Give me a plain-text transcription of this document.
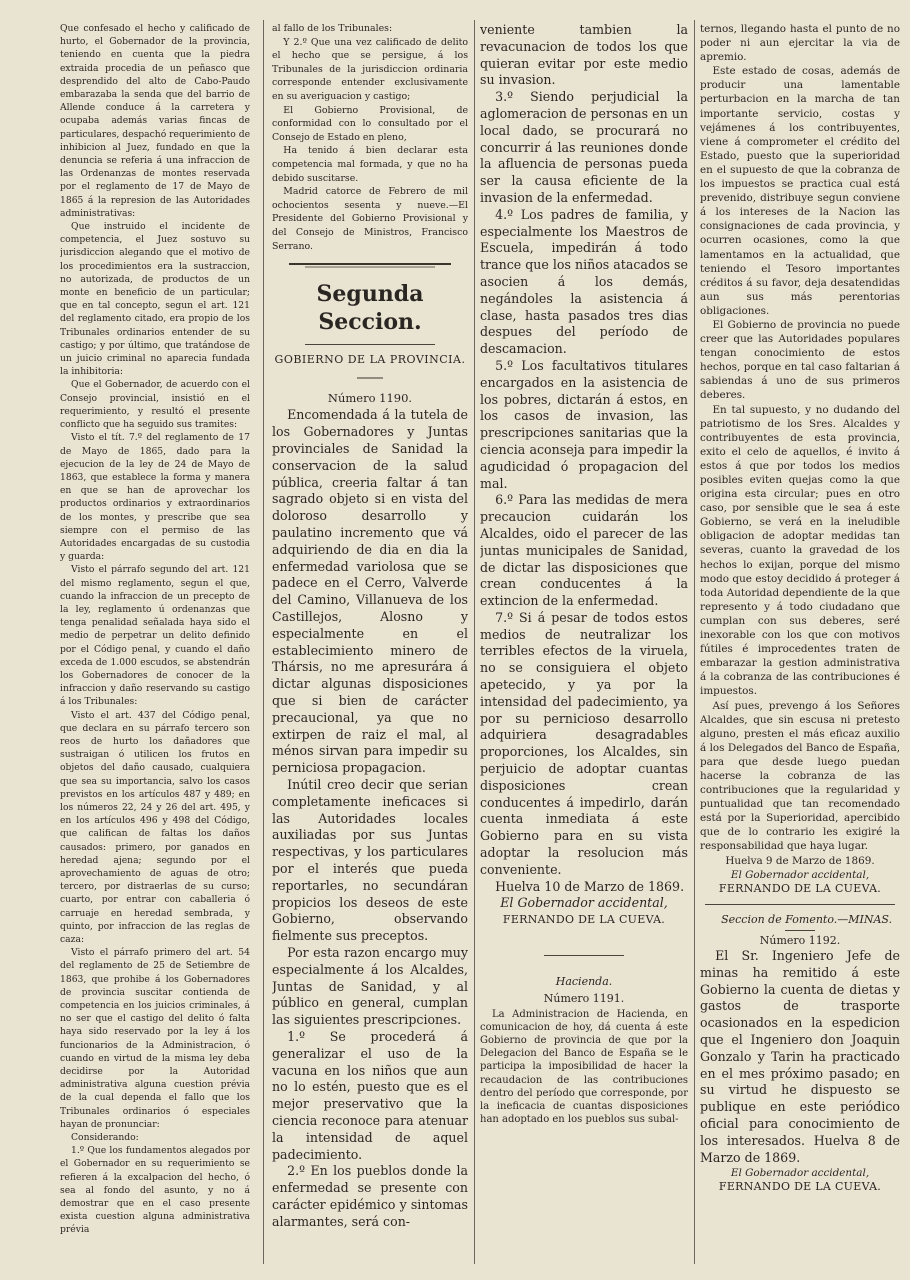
Que confesado el hecho y calificado de hurto, el Gobernador de la provincia, teniendo en cuenta que la piedra extraida procedia de un peñasco que desprendido del alto de Cabo-Paudo embarazaba la senda que del barrio de Allende conduce á la carretera y ocupaba además varias fincas de particulares, despachó requerimiento de inhibicion al Juez, fundado en que la denuncia se referia á una infraccion de las Ordenanzas de montes reservada por el reglamento de 17 de Mayo de 1865 á la represion de las Autoridades administrativas:

Que instruido el incidente de competencia, el Juez sostuvo su jurisdiccion alegando que el motivo de los procedimientos era la sustraccion, no autorizada, de productos de un monte en beneficio de un particular; que en tal concepto, segun el art. 121 del reglamento citado, era propio de los Tribunales ordinarios entender de su castigo; y por último, que tratándose de un juicio criminal no aparecia fundada la inhibitoria:

Que el Gobernador, de acuerdo con el Consejo provincial, insistió en el requerimiento, y resultó el presente conflicto que ha seguido sus tramites:

Visto el tít. 7.º del reglamento de 17 de Mayo de 1865, dado para la ejecucion de la ley de 24 de Mayo de 1863, que establece la forma y manera en que se han de aprovechar los productos ordinarios y extraordinarios de los montes, y prescribe que sea siempre con el permiso de las Autoridades encargadas de su custodia y guarda:

Visto el párrafo segundo del art. 121 del mismo reglamento, segun el que, cuando la infraccion de un precepto de la ley, reglamento ú ordenanzas que tenga penalidad señalada haya sido el medio de perpetrar un delito definido por el Código penal, y cuando el daño exceda de 1.000 escudos, se abstendrán los Gobernadores de conocer de la infraccion y daño reservando su castigo á los Tribunales:

Visto el art. 437 del Código penal, que declara en su párrafo tercero son reos de hurto los dañadores que sustraigan ó utilicen los frutos en objetos del daño causado, cualquiera que sea su importancia, salvo los casos previstos en los artículos 487 y 489; en los números 22, 24 y 26 del art. 495, y en los artículos 496 y 498 del Código, que califican de faltas los daños causados: primero, por ganados en heredad ajena; segundo por el aprovechamiento de aguas de otro; tercero, por distraerlas de su curso; cuarto, por entrar con caballeria ó carruaje en heredad sembrada, y quinto, por infraccion de las reglas de caza:

Visto el párrafo primero del art. 54 del reglamento de 25 de Setiembre de 1863, que prohibe á los Gobernadores de provincia suscitar contienda de competencia en los juicios criminales, á no ser que el castigo del delito ó falta haya sido reservado por la ley á los funcionarios de la Administracion, ó cuando en virtud de la misma ley deba decidirse por la Autoridad administrativa alguna cuestion prévia de la cual dependa el fallo que los Tribunales ordinarios ó especiales hayan de pronunciar:

Considerando:

1.º Que los fundamentos alegados por el Gobernador en su requerimiento se refieren á la excalpacion del hecho, ó sea al fondo del asunto, y no á demostrar que en el caso presente exista cuestion alguna administrativa prévia

al fallo de los Tribunales:

Y 2.º Que una vez calificado de delito el hecho que se persigue, á los Tribunales de la jurisdiccion ordinaria corresponde entender exclusivamente en su averiguacion y castigo;

El Gobierno Provisional, de conformidad con lo consultado por el Consejo de Estado en pleno,

Ha tenido á bien declarar esta competencia mal formada, y que no ha debido suscitarse.

Madrid catorce de Febrero de mil ochocientos sesenta y nueve.—El Presidente del Gobierno Provisional y del Consejo de Ministros, Francisco Serrano.

Segunda Seccion.
GOBIERNO DE LA PROVINCIA.
Número 1190.

Encomendada á la tutela de los Gobernadores y Juntas provinciales de Sanidad la conservacion de la salud pública, creeria faltar á tan sagrado objeto si en vista del doloroso desarrollo y paulatino incremento que vá adquiriendo de dia en dia la enfermedad variolosa que se padece en el Cerro, Valverde del Camino, Villanueva de los Castillejos, Alosno y especialmente en el establecimiento minero de Thársis, no me apresurára á dictar algunas disposiciones que si bien de carácter precaucional, ya que no extirpen de raiz el mal, al ménos sirvan para impedir su perniciosa propagacion.

Inútil creo decir que serian completamente ineficaces si las Autoridades locales auxiliadas por sus Juntas respectivas, y los particulares por el interés que pueda reportarles, no secundáran propicios los deseos de este Gobierno, observando fielmente sus preceptos.

Por esta razon encargo muy especialmente á los Alcaldes, Juntas de Sanidad, y al público en general, cumplan las siguientes prescripciones.

1.º Se procederá á generalizar el uso de la vacuna en los niños que aun no lo estén, puesto que es el mejor preservativo que la ciencia reconoce para atenuar la intensidad de aquel padecimiento.

2.º En los pueblos donde la enfermedad se presente con carácter epidémico y sintomas alarmantes, será con-

veniente tambien la revacunacion de todos los que quieran evitar por este medio su invasion.

3.º Siendo perjudicial la aglomeracion de personas en un local dado, se procurará no concurrir á las reuniones donde la afluencia de personas pueda ser la causa eficiente de la invasion de la enfermedad.

4.º Los padres de familia, y especialmente los Maestros de Escuela, impedirán á todo trance que los niños atacados se asocien á los demás, negándoles la asistencia á clase, hasta pasados tres dias despues del período de descamacion.

5.º Los facultativos titulares encargados en la asistencia de los pobres, dictarán á estos, en los casos de invasion, las prescripciones sanitarias que la ciencia aconseja para impedir la agudicidad ó propagacion del mal.

6.º Para las medidas de mera precaucion cuidarán los Alcaldes, oido el parecer de las juntas municipales de Sanidad, de dictar las disposiciones que crean conducentes á la extincion de la enfermedad.

7.º Si á pesar de todos estos medios de neutralizar los terribles efectos de la viruela, no se consiguiera el objeto apetecido, y ya por la intensidad del padecimiento, ya por su pernicioso desarrollo adquiriera desagradables proporciones, los Alcaldes, sin perjuicio de adoptar cuantas disposiciones crean conducentes á impedirlo, darán cuenta inmediata á este Gobierno para en su vista adoptar la resolucion más conveniente.

Huelva 10 de Marzo de 1869.

El Gobernador accidental,

FERNANDO DE LA CUEVA.

Hacienda.

Número 1191.

La Administracion de Hacienda, en comunicacion de hoy, dá cuenta á este Gobierno de provincia de que por la Delegacion del Banco de España se le participa la imposibilidad de hacer la recaudacion de las contribuciones dentro del período que corresponde, por la ineficacia de cuantas disposiciones han adoptado en los pueblos sus subal-

ternos, llegando hasta el punto de no poder ni aun ejercitar la via de apremio.

Este estado de cosas, además de producir una lamentable perturbacion en la marcha de tan importante servicio, costas y vejámenes á los contribuyentes, viene á comprometer el crédito del Estado, puesto que la superioridad en el supuesto de que la cobranza de los impuestos se practica cual está prevenido, distribuye segun conviene á los intereses de la Nacion las consignaciones de cada provincia, y ocurren ocasiones, como la que lamentamos en la actualidad, que teniendo el Tesoro importantes créditos á su favor, deja desatendidas aun sus más perentorias obligaciones.

El Gobierno de provincia no puede creer que las Autoridades populares tengan conocimiento de estos hechos, porque en tal caso faltarian á sabiendas á uno de sus primeros deberes.

En tal supuesto, y no dudando del patriotismo de los Sres. Alcaldes y contribuyentes de esta provincia, exito el celo de aquellos, é invito á estos á que por todos los medios posibles eviten quejas como la que origina esta circular; pues en otro caso, por sensible que le sea á este Gobierno, se verá en la ineludible obligacion de adoptar medidas tan severas, cuanto la gravedad de los hechos lo exijan, porque del mismo modo que estoy decidido á proteger á toda Autoridad dependiente de la que represento y á todo ciudadano que cumplan con sus deberes, seré inexorable con los que con motivos fútiles é improcedentes traten de embarazar la gestion administrativa á la cobranza de las contribuciones é impuestos.

Así pues, prevengo á los Señores Alcaldes, que sin escusa ni pretesto alguno, presten el más eficaz auxilio á los Delegados del Banco de España, para que desde luego puedan hacerse la cobranza de las contribuciones que la regularidad y puntualidad que tan recomendado está por la Superioridad, apercibido que de lo contrario les exigiré la responsabilidad que haya lugar.

Huelva 9 de Marzo de 1869.

El Gobernador accidental,

FERNANDO DE LA CUEVA.

Seccion de Fomento.—MINAS.

Número 1192.

El Sr. Ingeniero Jefe de minas ha remitido á este Gobierno la cuenta de dietas y gastos de trasporte ocasionados en la espedicion que el Ingeniero don Joaquin Gonzalo y Tarin ha practicado en el mes próximo pasado; en su virtud he dispuesto se publique en este periódico oficial para conocimiento de los interesados. Huelva 8 de Marzo de 1869.

El Gobernador accidental,

FERNANDO DE LA CUEVA.
